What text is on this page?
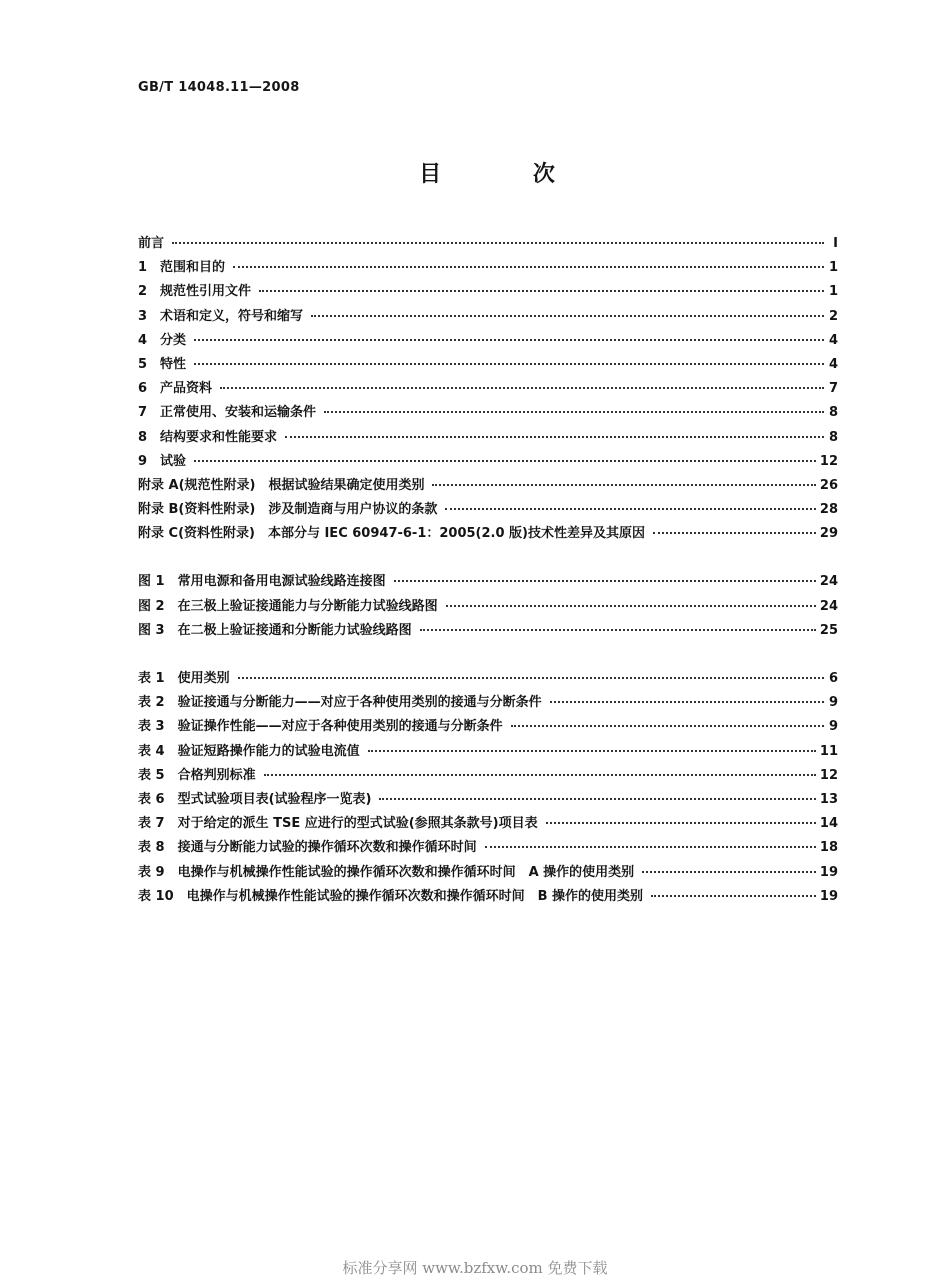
GB/T 14048.11—2008
目 次
前言	Ⅰ
1　范围和目的	1
2　规范性引用文件	1
3　术语和定义，符号和缩写	2
4　分类	4
5　特性	4
6　产品资料	7
7　正常使用、安装和运输条件	8
8　结构要求和性能要求	8
9　试验	12
附录 A(规范性附录)　根据试验结果确定使用类别	26
附录 B(资料性附录)　涉及制造商与用户协议的条款	28
附录 C(资料性附录)　本部分与 IEC 60947-6-1：2005(2.0 版)技术性差异及其原因	29
图 1　常用电源和备用电源试验线路连接图	24
图 2　在三极上验证接通能力与分断能力试验线路图	24
图 3　在二极上验证接通和分断能力试验线路图	25
表 1　使用类别	6
表 2　验证接通与分断能力——对应于各种使用类别的接通与分断条件	9
表 3　验证操作性能——对应于各种使用类别的接通与分断条件	9
表 4　验证短路操作能力的试验电流值	11
表 5　合格判别标准	12
表 6　型式试验项目表(试验程序一览表)	13
表 7　对于给定的派生 TSE 应进行的型式试验(参照其条款号)项目表	14
表 8　接通与分断能力试验的操作循环次数和操作循环时间	18
表 9　电操作与机械操作性能试验的操作循环次数和操作循环时间　A 操作的使用类别	19
表 10　电操作与机械操作性能试验的操作循环次数和操作循环时间　B 操作的使用类别	19
标准分享网 www.bzfxw.com 免费下载
